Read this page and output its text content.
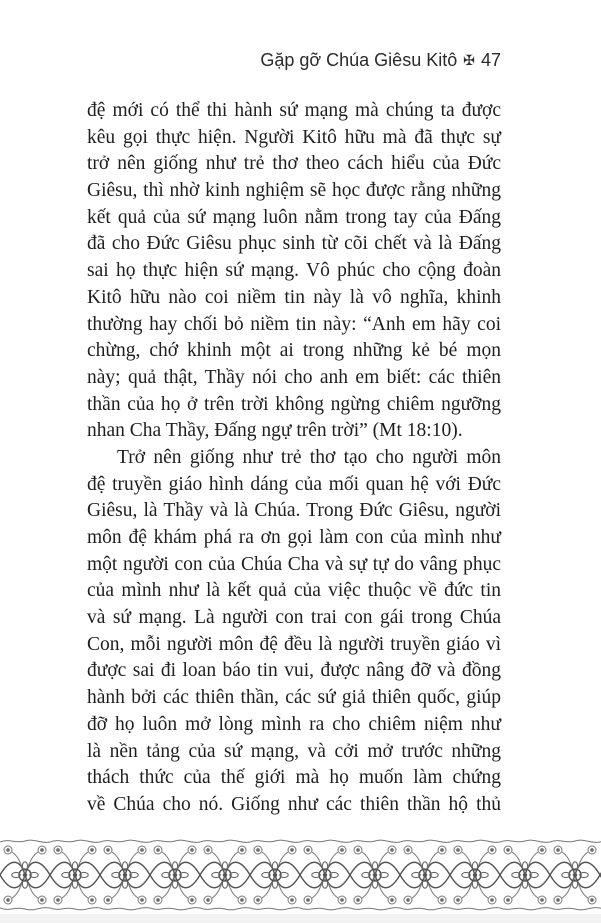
Gặp gỡ Chúa Giêsu Kitô ✠ 47
đệ mới có thể thi hành sứ mạng mà chúng ta được
kêu gọi thực hiện. Người Kitô hữu mà đã thực sự
trở nên giống như trẻ thơ theo cách hiểu của Đức
Giêsu, thì nhờ kinh nghiệm sẽ học được rằng những
kết quả của sứ mạng luôn nằm trong tay của Đấng
đã cho Đức Giêsu phục sinh từ cõi chết và là Đấng
sai họ thực hiện sứ mạng. Vô phúc cho cộng đoàn
Kitô hữu nào coi niềm tin này là vô nghĩa, khinh
thường hay chối bỏ niềm tin này: “Anh em hãy coi
chừng, chớ khinh một ai trong những kẻ bé mọn
này; quả thật, Thầy nói cho anh em biết: các thiên
thần của họ ở trên trời không ngừng chiêm ngưỡng
nhan Cha Thầy, Đấng ngự trên trời” (Mt 18:10).
Trở nên giống như trẻ thơ tạo cho người môn
đệ truyền giáo hình dáng của mối quan hệ với Đức
Giêsu, là Thầy và là Chúa. Trong Đức Giêsu, người
môn đệ khám phá ra ơn gọi làm con của mình như
một người con của Chúa Cha và sự tự do vâng phục
của mình như là kết quả của việc thuộc về đức tin
và sứ mạng. Là người con trai con gái trong Chúa
Con, mỗi người môn đệ đều là người truyền giáo vì
được sai đi loan báo tin vui, được nâng đỡ và đồng
hành bởi các thiên thần, các sứ giả thiên quốc, giúp
đỡ họ luôn mở lòng mình ra cho chiêm niệm như
là nền tảng của sứ mạng, và cởi mở trước những
thách thức của thế giới mà họ muốn làm chứng
về Chúa cho nó. Giống như các thiên thần hộ thủ
